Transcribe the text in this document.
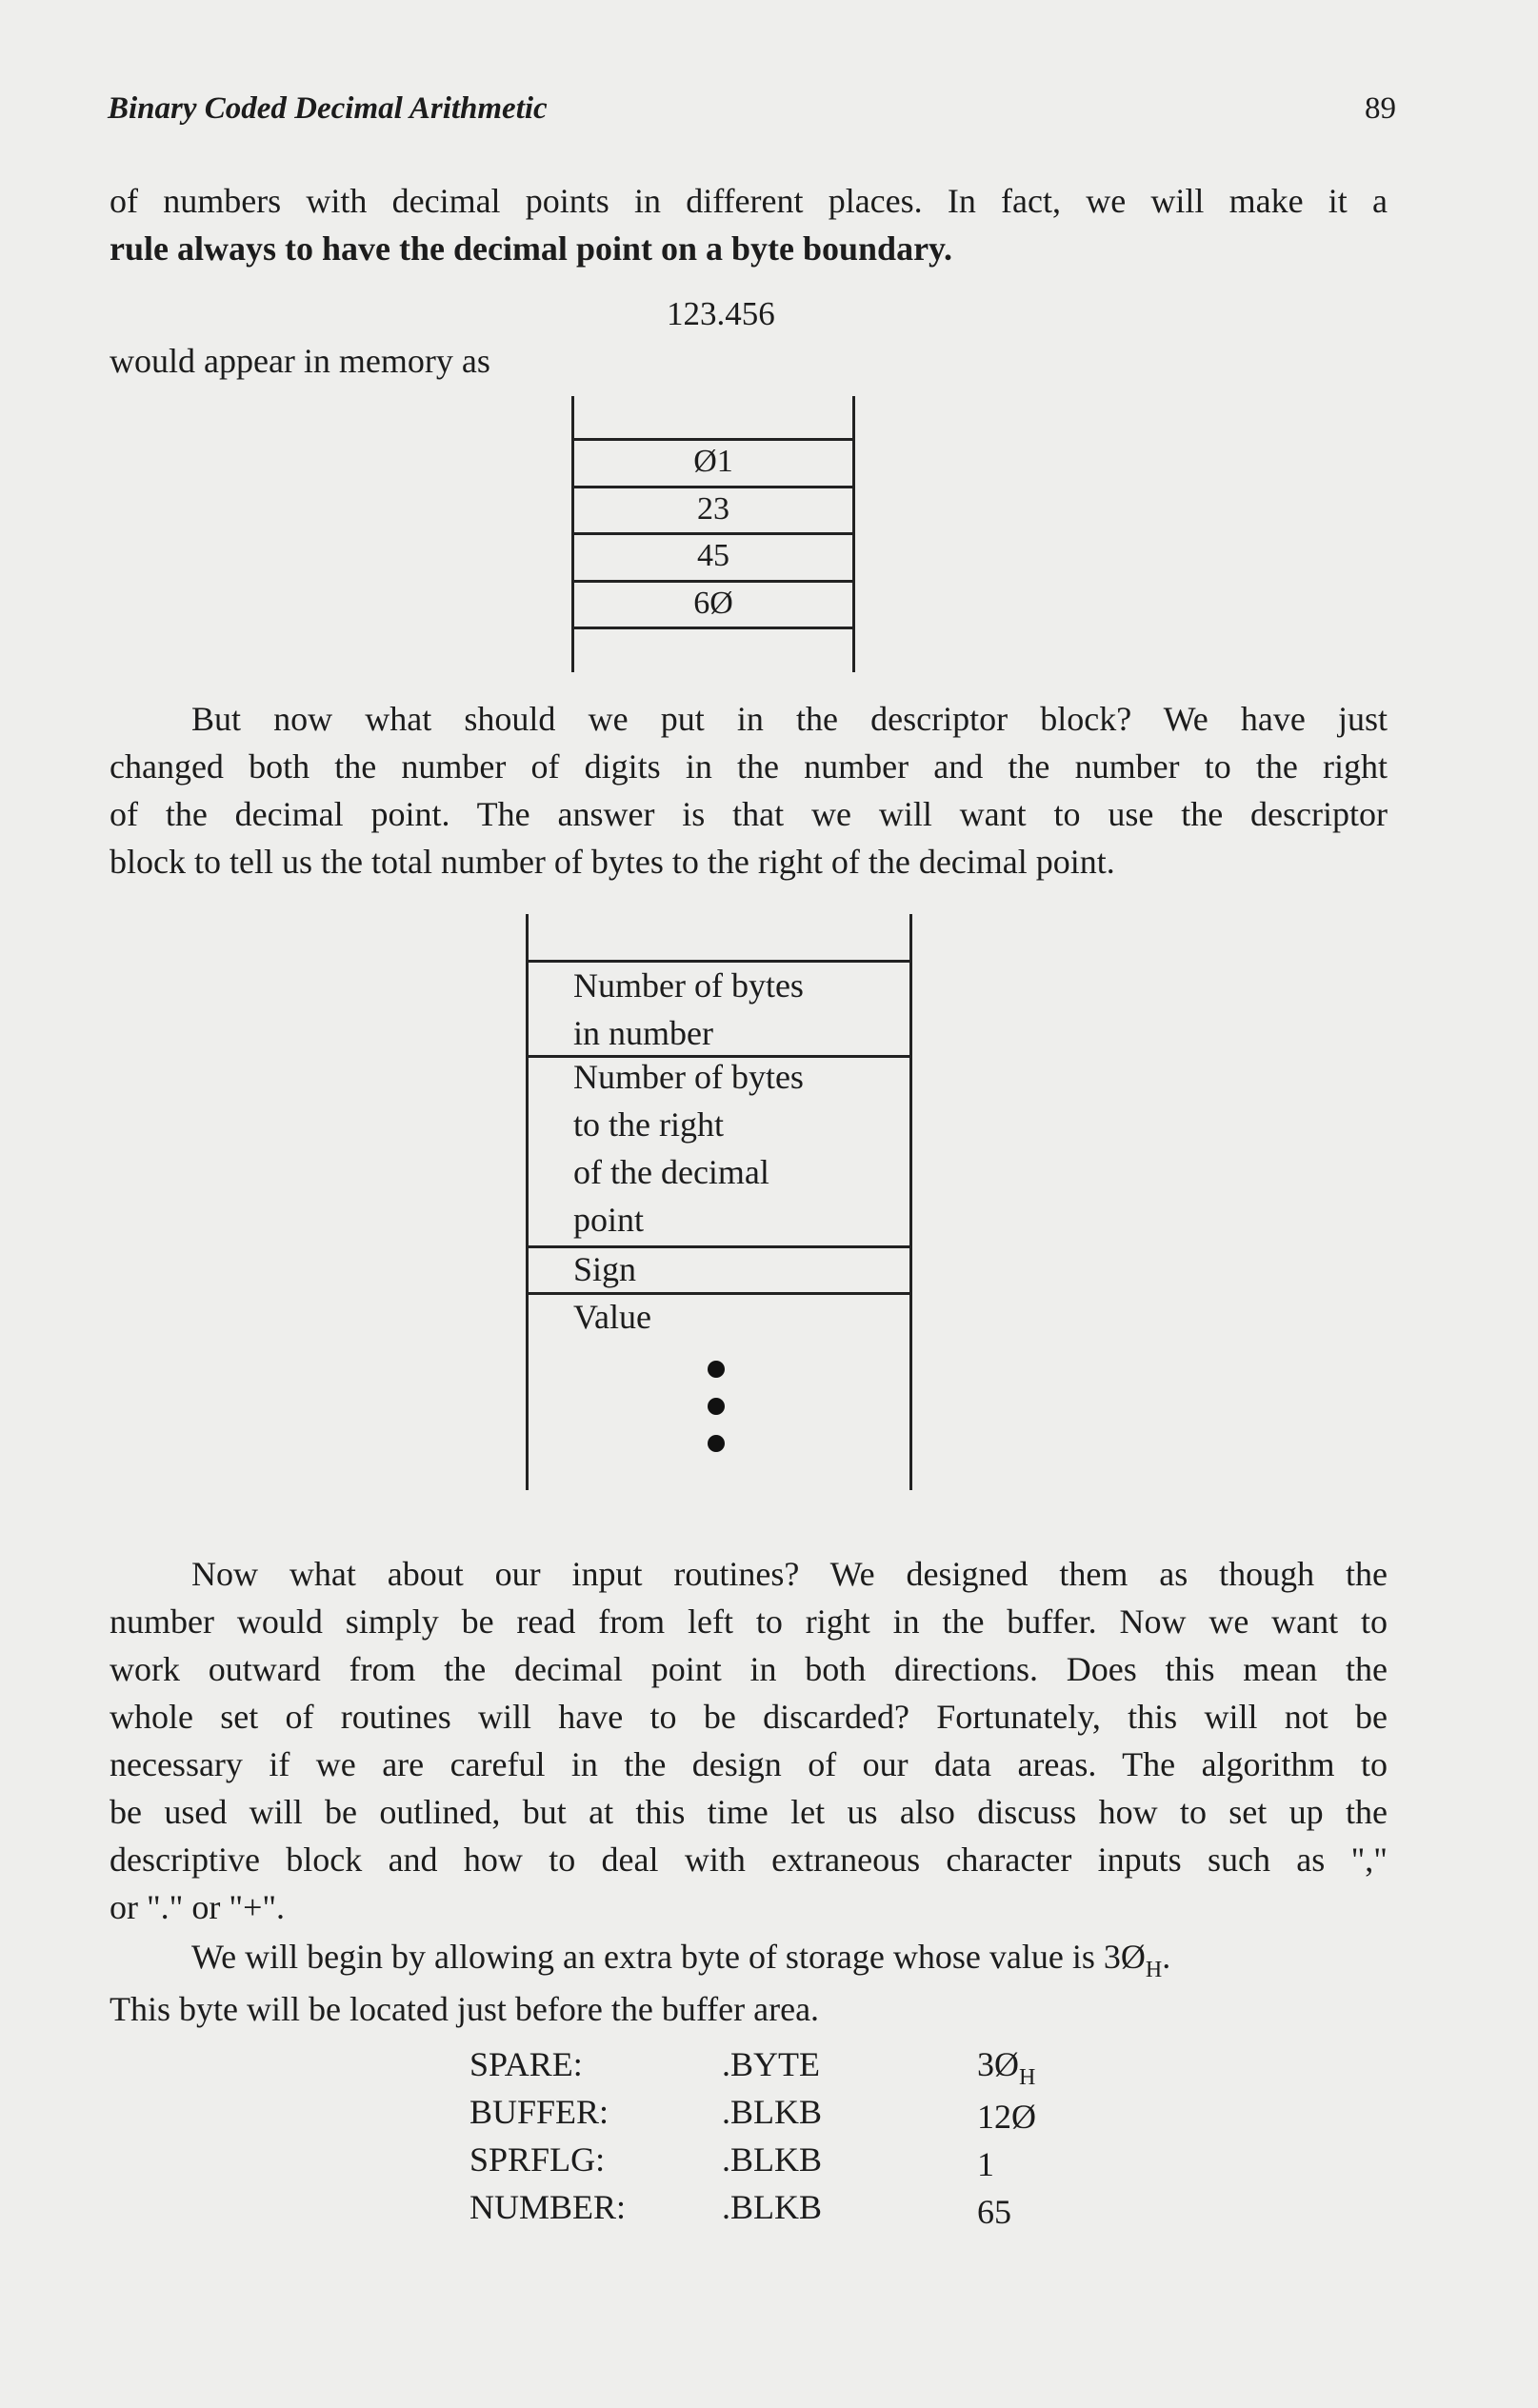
Binary Coded Decimal Arithmetic	89
of numbers with decimal points in different places. In fact, we will make it a
rule always to have the decimal point on a byte boundary.
123.456
would appear in memory as
Ø1
23
45
6Ø
But now what should we put in the descriptor block? We have just
changed both the number of digits in the number and the number to the right
of the decimal point. The answer is that we will want to use the descriptor
block to tell us the total number of bytes to the right of the decimal point.
Number of bytes
in number
Number of bytes
to the right
of the decimal
point
Sign
Value
Now what about our input routines? We designed them as though the
number would simply be read from left to right in the buffer. Now we want to
work outward from the decimal point in both directions. Does this mean the
whole set of routines will have to be discarded? Fortunately, this will not be
necessary if we are careful in the design of our data areas. The algorithm to
be used will be outlined, but at this time let us also discuss how to set up the
descriptive block and how to deal with extraneous character inputs such as ","
or "." or "+".
We will begin by allowing an extra byte of storage whose value is $3Ø_H$.
This byte will be located just before the buffer area.
SPARE:
BUFFER:
SPRFLG:
NUMBER:
.BYTE
.BLKB
.BLKB
.BLKB
$3Ø_H$
12Ø
1
65
